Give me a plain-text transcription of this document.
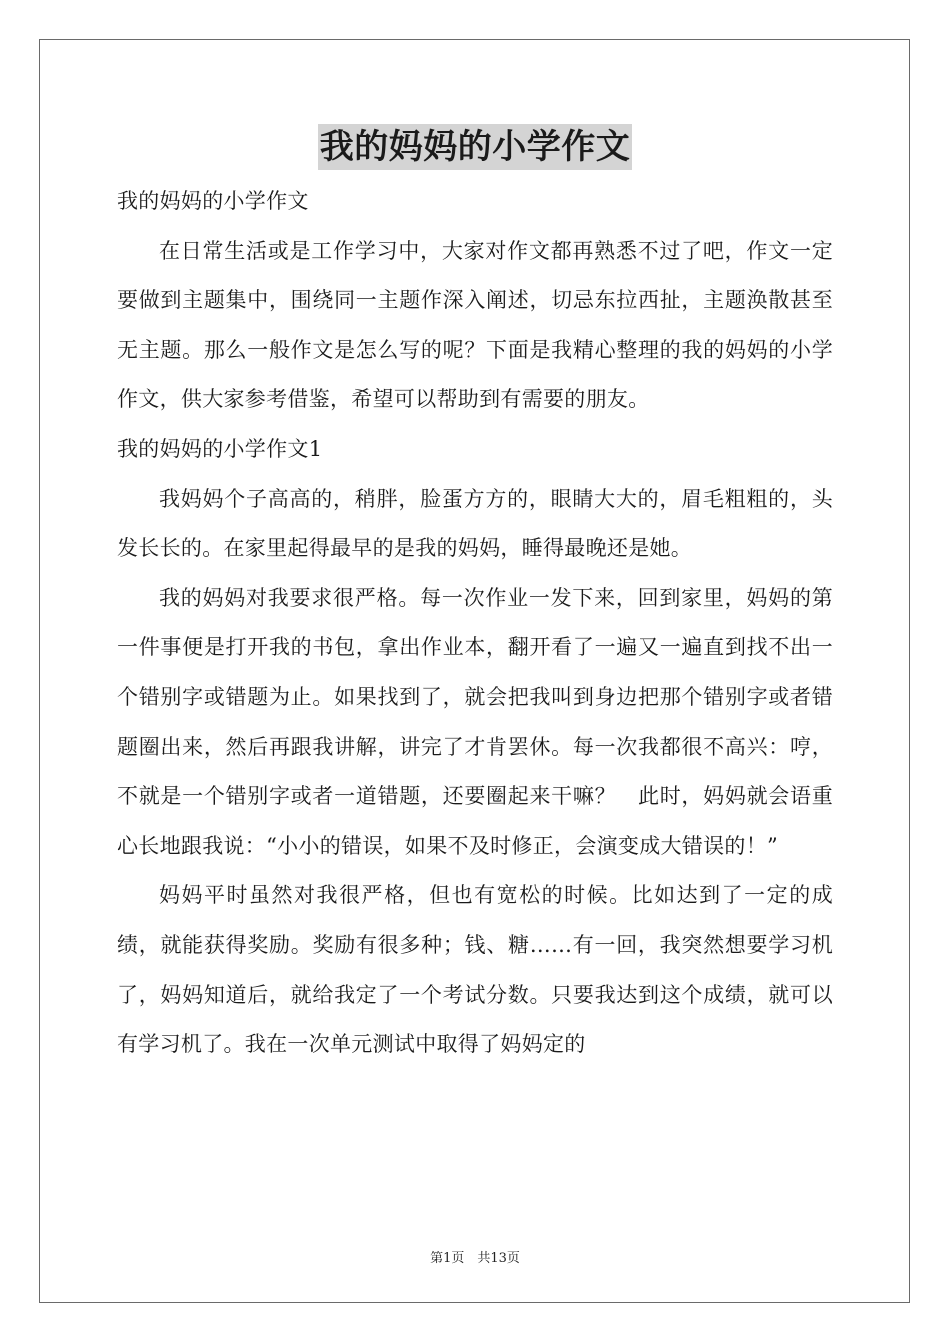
我的妈妈的小学作文

我的妈妈的小学作文

在日常生活或是工作学习中，大家对作文都再熟悉不过了吧，作文一定要做到主题集中，围绕同一主题作深入阐述，切忌东拉西扯，主题涣散甚至无主题。那么一般作文是怎么写的呢？下面是我精心整理的我的妈妈的小学作文，供大家参考借鉴，希望可以帮助到有需要的朋友。

我的妈妈的小学作文1

我妈妈个子高高的，稍胖，脸蛋方方的，眼睛大大的，眉毛粗粗的，头发长长的。在家里起得最早的是我的妈妈，睡得最晚还是她。

我的妈妈对我要求很严格。每一次作业一发下来，回到家里，妈妈的第一件事便是打开我的书包，拿出作业本，翻开看了一遍又一遍直到找不出一个错别字或错题为止。如果找到了，就会把我叫到身边把那个错别字或者错题圈出来，然后再跟我讲解，讲完了才肯罢休。每一次我都很不高兴：哼，不就是一个错别字或者一道错题，还要圈起来干嘛？　此时，妈妈就会语重心长地跟我说：“小小的错误，如果不及时修正，会演变成大错误的！”

妈妈平时虽然对我很严格，但也有宽松的时候。比如达到了一定的成绩，就能获得奖励。奖励有很多种；钱、糖……有一回，我突然想要学习机了，妈妈知道后，就给我定了一个考试分数。只要我达到这个成绩，就可以有学习机了。我在一次单元测试中取得了妈妈定的

第1页　共13页
